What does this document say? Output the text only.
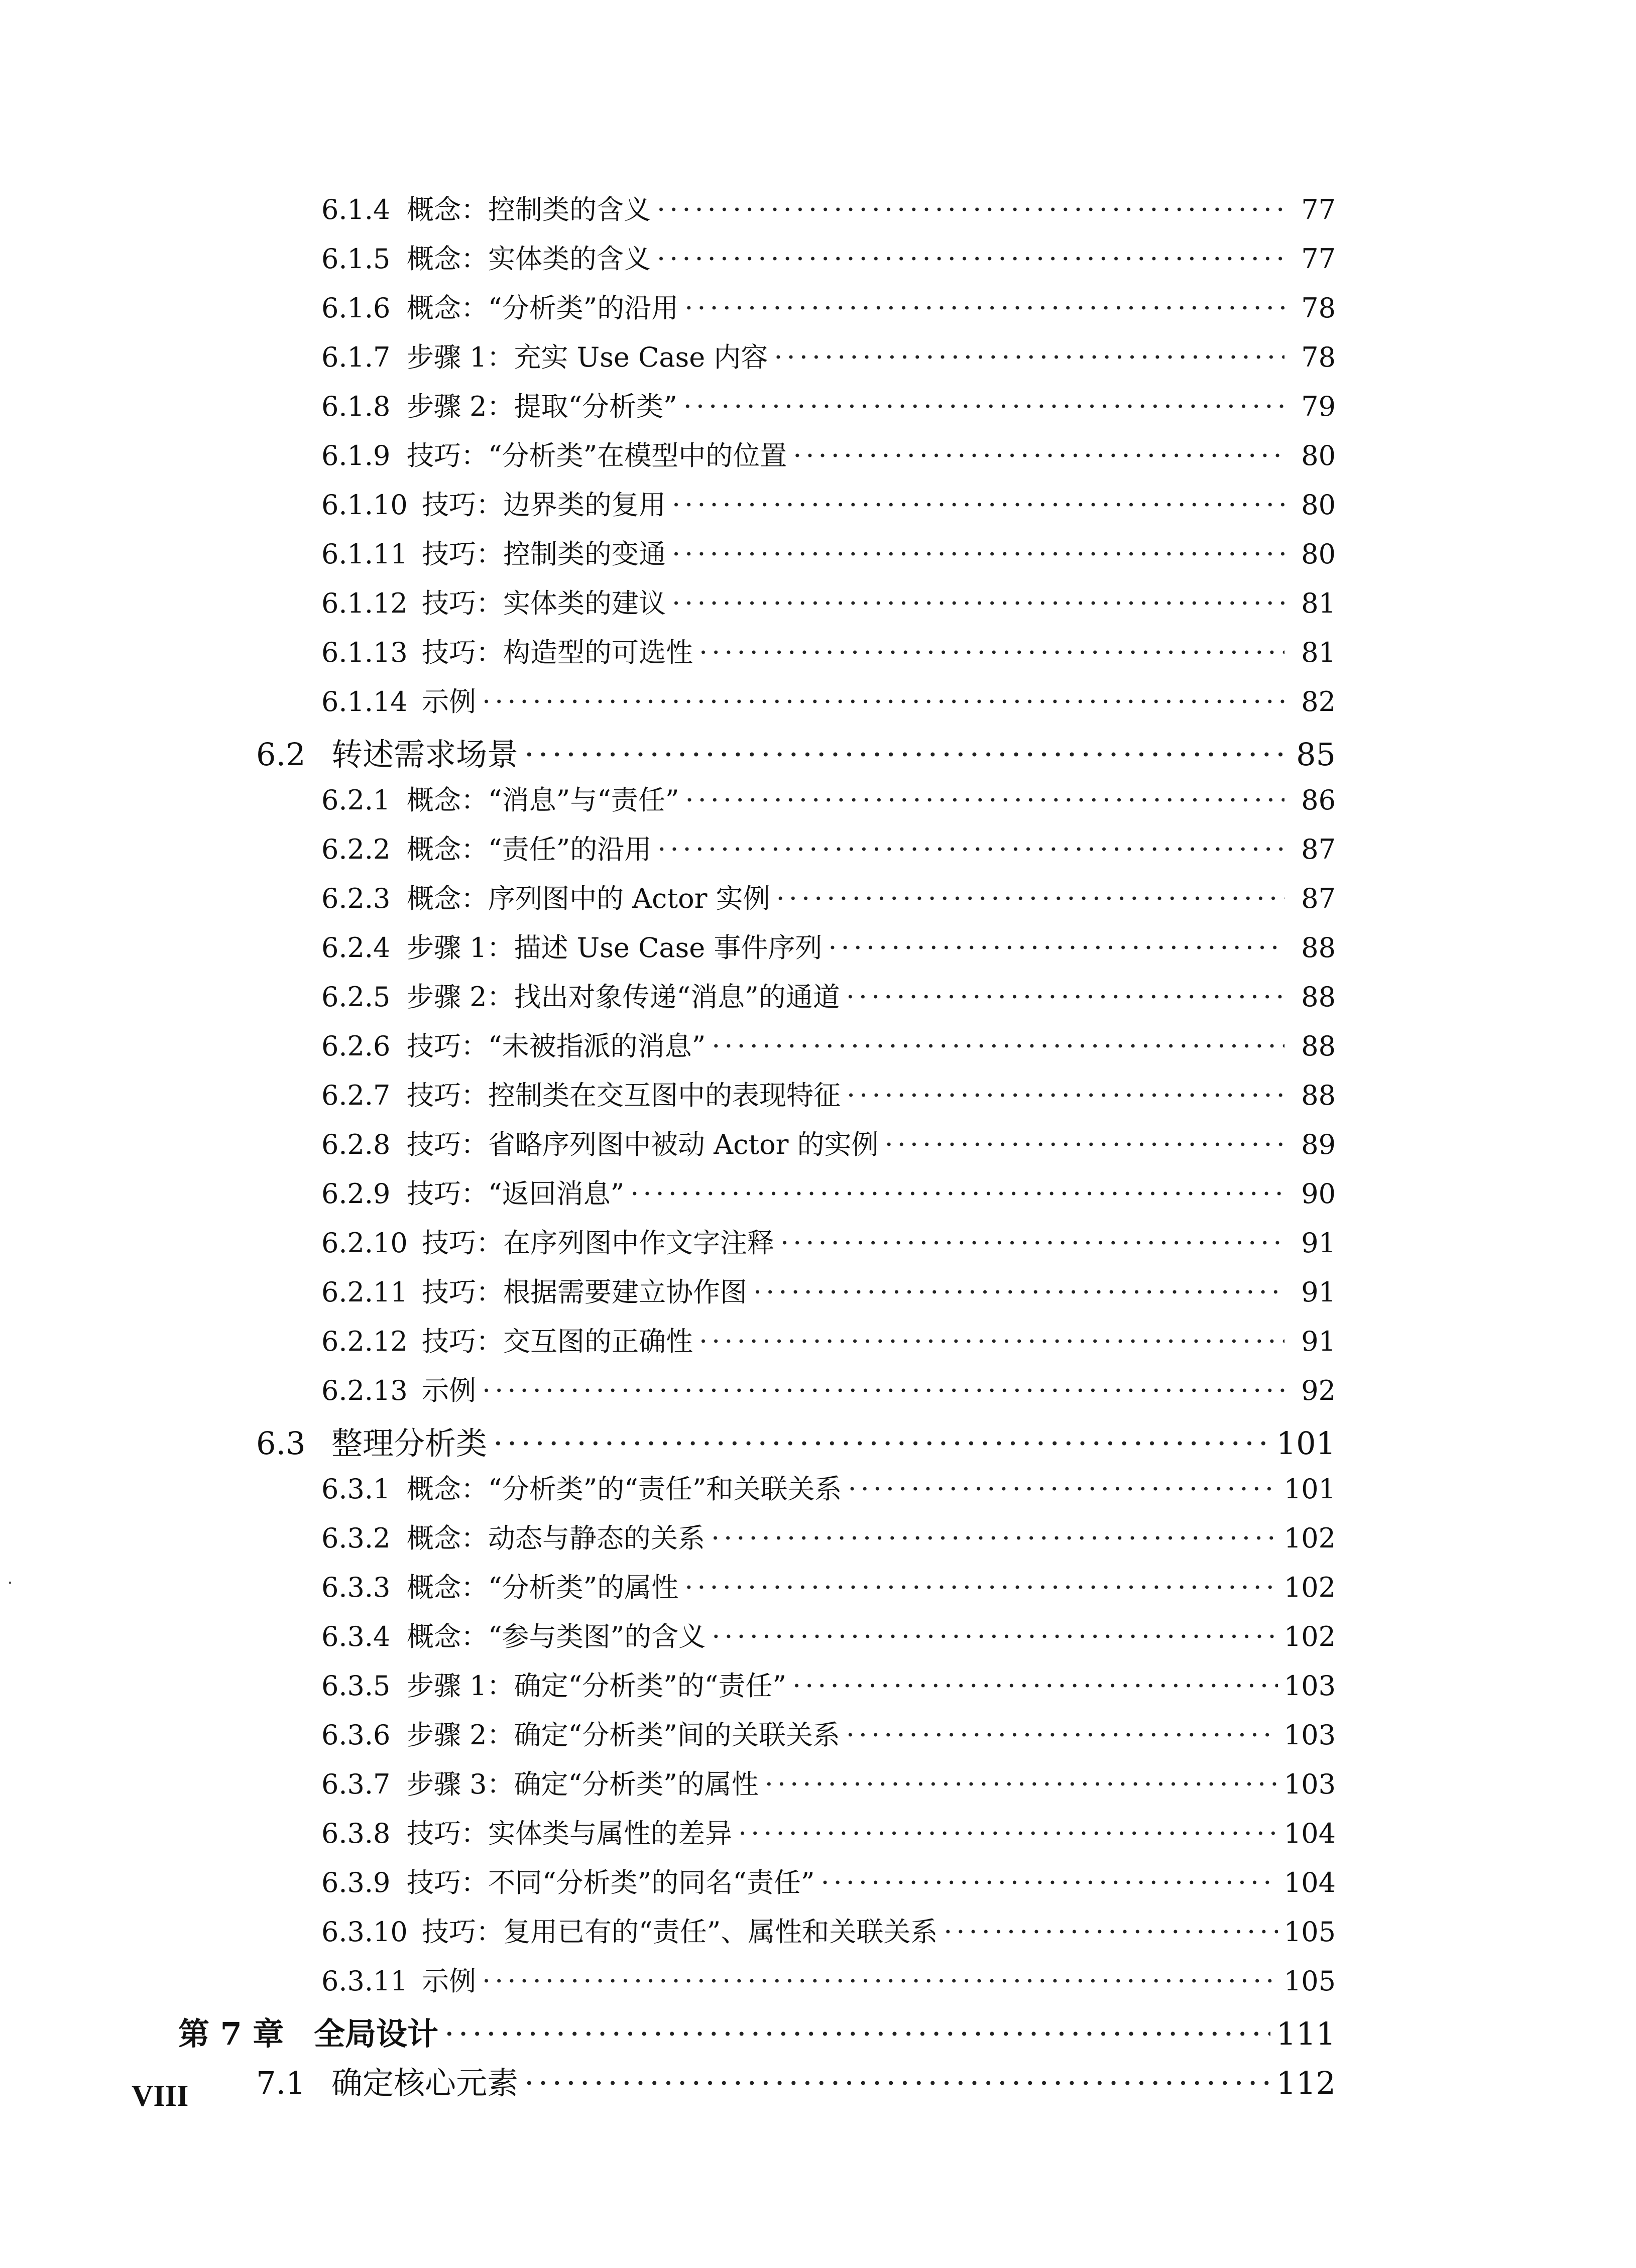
6.1.4 概念：控制类的含义 ·····	77
6.1.5 概念：实体类的含义 ·····	77
6.1.6 概念：“分析类”的沿用 ·····	78
6.1.7 步骤 1：充实 Use Case 内容 ·····	78
6.1.8 步骤 2：提取“分析类” ·····	79
6.1.9 技巧：“分析类”在模型中的位置 ·····	80
6.1.10 技巧：边界类的复用 ·····	80
6.1.11 技巧：控制类的变通 ·····	80
6.1.12 技巧：实体类的建议 ·····	81
6.1.13 技巧：构造型的可选性 ·····	81
6.1.14 示例 ·····	82
6.2 转述需求场景 ·····	85
6.2.1 概念：“消息”与“责任” ·····	86
6.2.2 概念：“责任”的沿用 ·····	87
6.2.3 概念：序列图中的 Actor 实例 ·····	87
6.2.4 步骤 1：描述 Use Case 事件序列 ·····	88
6.2.5 步骤 2：找出对象传递“消息”的通道 ·····	88
6.2.6 技巧：“未被指派的消息” ·····	88
6.2.7 技巧：控制类在交互图中的表现特征 ·····	88
6.2.8 技巧：省略序列图中被动 Actor 的实例 ·····	89
6.2.9 技巧：“返回消息” ·····	90
6.2.10 技巧：在序列图中作文字注释 ·····	91
6.2.11 技巧：根据需要建立协作图 ·····	91
6.2.12 技巧：交互图的正确性 ·····	91
6.2.13 示例 ·····	92
6.3 整理分析类 ·····	101
6.3.1 概念：“分析类”的“责任”和关联关系 ·····	101
6.3.2 概念：动态与静态的关系 ·····	102
6.3.3 概念：“分析类”的属性 ·····	102
6.3.4 概念：“参与类图”的含义 ·····	102
6.3.5 步骤 1：确定“分析类”的“责任” ·····	103
6.3.6 步骤 2：确定“分析类”间的关联关系 ·····	103
6.3.7 步骤 3：确定“分析类”的属性 ·····	103
6.3.8 技巧：实体类与属性的差异 ·····	104
6.3.9 技巧：不同“分析类”的同名“责任” ·····	104
6.3.10 技巧：复用已有的“责任”、属性和关联关系 ·····	105
6.3.11 示例 ·····	105
第 7 章 全局设计 ·····	111
7.1 确定核心元素 ·····	112
VIII
